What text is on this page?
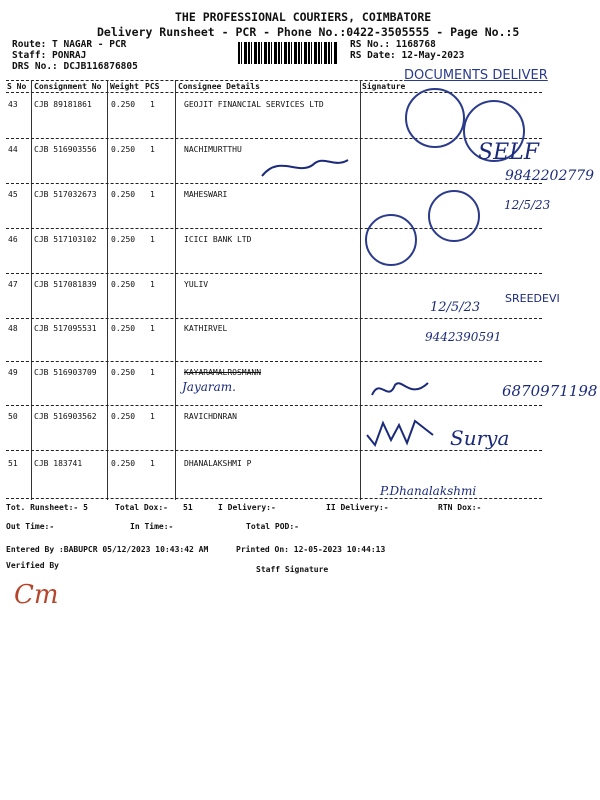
THE PROFESSIONAL COURIERS, COIMBATORE
Delivery Runsheet - PCR - Phone No.:0422-3505555 - Page No.:5
Route: T NAGAR - PCR
Staff: PONRAJ
DRS No.: DCJB116876805
RS No.: 1168768
RS Date: 12-May-2023
S No Consignment No Weight PCS Consignee Details	Signature
43 CJB 89181861 0.250 1	GEOJIT FINANCIAL SERVICES LTD
44 CJB 516903556 0.250 1	NACHIMURTTHU
45 CJB 517032673 0.250 1	MAHESWARI
46 CJB 517103102 0.250 1	ICICI BANK LTD
47 CJB 517081839 0.250 1	YULIV
48 CJB 517095531 0.250 1	KATHIRVEL
49 CJB 516903709 0.250 1	KAYARAMALROSMANN
50 CJB 516903562 0.250 1	RAVICHDNRAN
51 CJB 183741	0.250 1	DHANALAKSHMI P
DOCUMENTS DELIVER
SELF
9842202779
12/5/23
12/5/23
SREEDEVI
9442390591
Jayaram.	6870971198
Surya
P.Dhanalakshmi
Tot. Runsheet:- 5	Total Dox:- 51	I Delivery:-	II Delivery:-	RTN Dox:-
Out Time:-	In Time:-	Total POD:-
Entered By :BABUPCR 05/12/2023 10:43:42 AM	Printed On: 12-05-2023 10:44:13
Verified By	Staff Signature
Cm
